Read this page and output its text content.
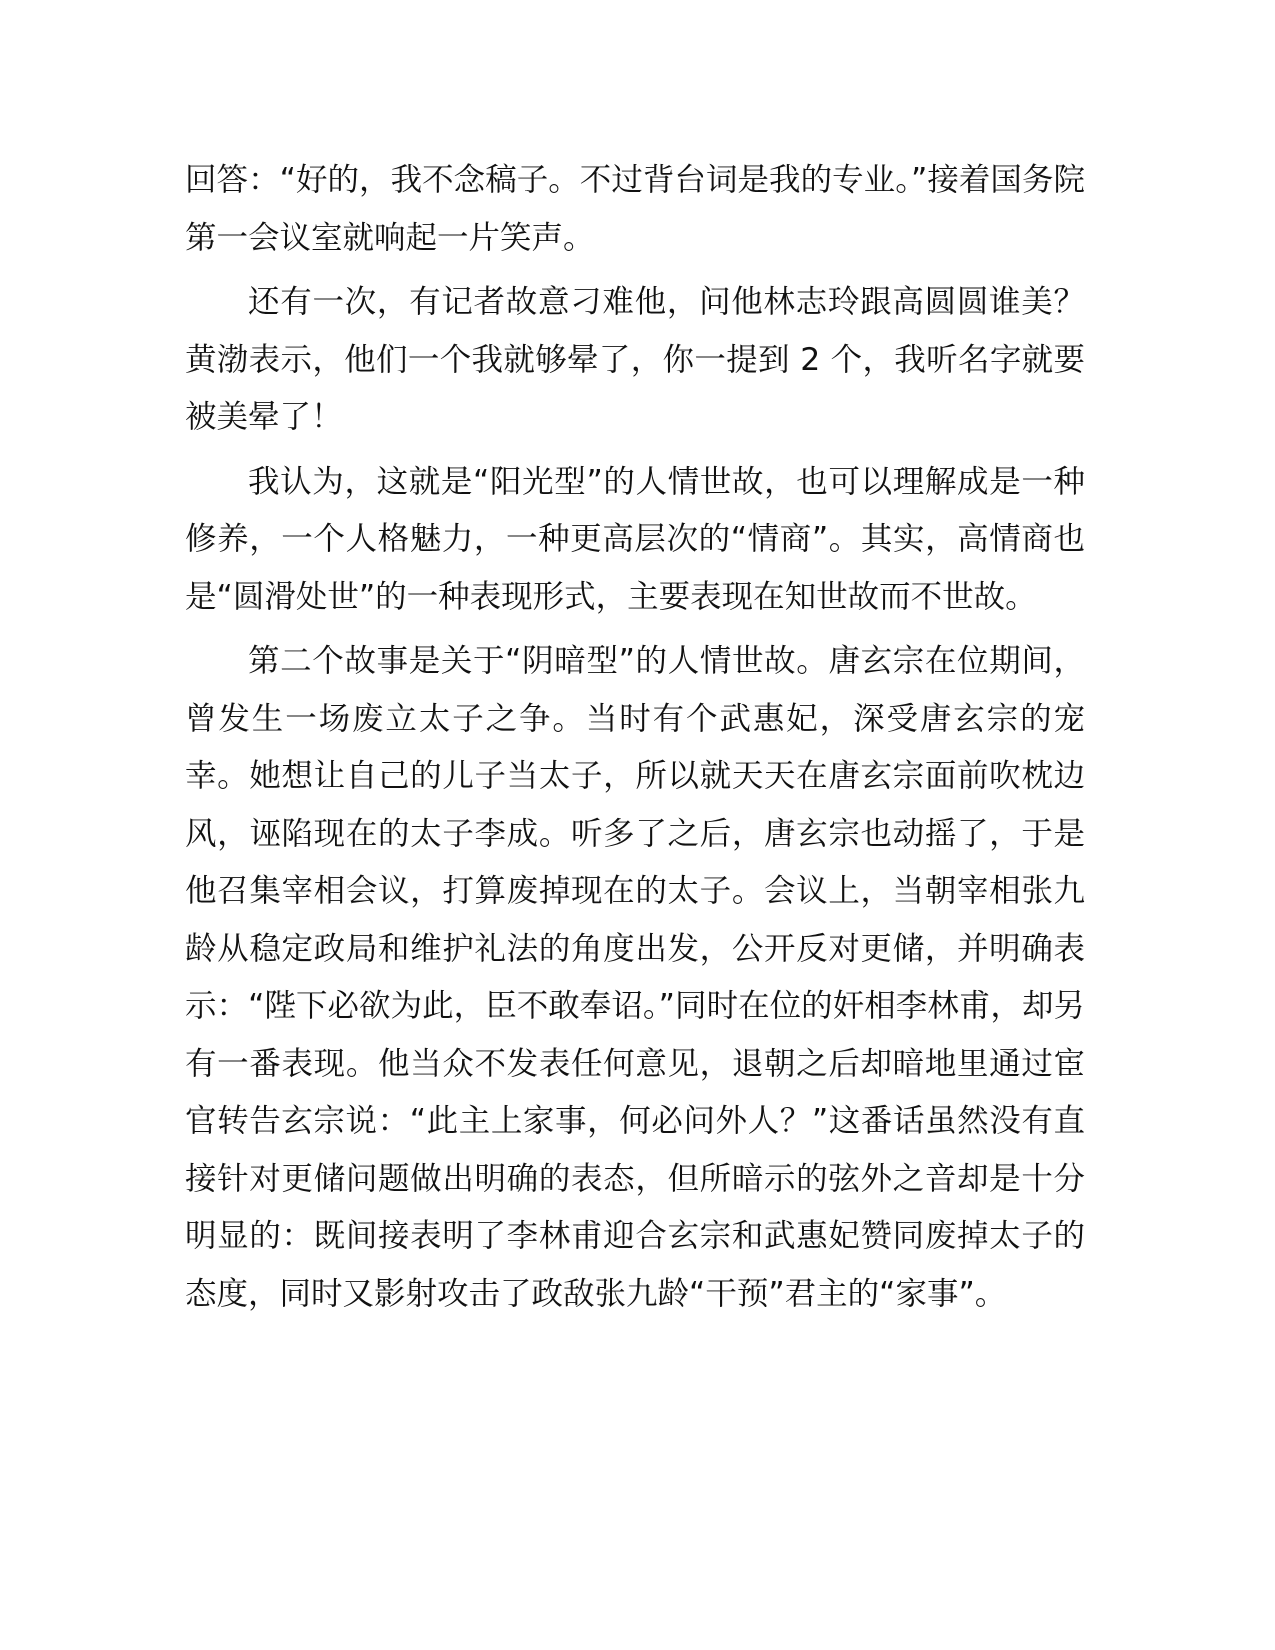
回答：“好的，我不念稿子。不过背台词是我的专业。”接着国务院第一会议室就响起一片笑声。

还有一次，有记者故意刁难他，问他林志玲跟高圆圆谁美？黄渤表示，他们一个我就够晕了，你一提到 2 个，我听名字就要被美晕了！

我认为，这就是“阳光型”的人情世故，也可以理解成是一种修养，一个人格魅力，一种更高层次的“情商”。其实，高情商也是“圆滑处世”的一种表现形式，主要表现在知世故而不世故。

第二个故事是关于“阴暗型”的人情世故。唐玄宗在位期间，曾发生一场废立太子之争。当时有个武惠妃，深受唐玄宗的宠幸。她想让自己的儿子当太子，所以就天天在唐玄宗面前吹枕边风，诬陷现在的太子李成。听多了之后，唐玄宗也动摇了，于是他召集宰相会议，打算废掉现在的太子。会议上，当朝宰相张九龄从稳定政局和维护礼法的角度出发，公开反对更储，并明确表示：“陛下必欲为此，臣不敢奉诏。”同时在位的奸相李林甫，却另有一番表现。他当众不发表任何意见，退朝之后却暗地里通过宦官转告玄宗说：“此主上家事，何必问外人？”这番话虽然没有直接针对更储问题做出明确的表态，但所暗示的弦外之音却是十分明显的：既间接表明了李林甫迎合玄宗和武惠妃赞同废掉太子的态度，同时又影射攻击了政敌张九龄“干预”君主的“家事”。
